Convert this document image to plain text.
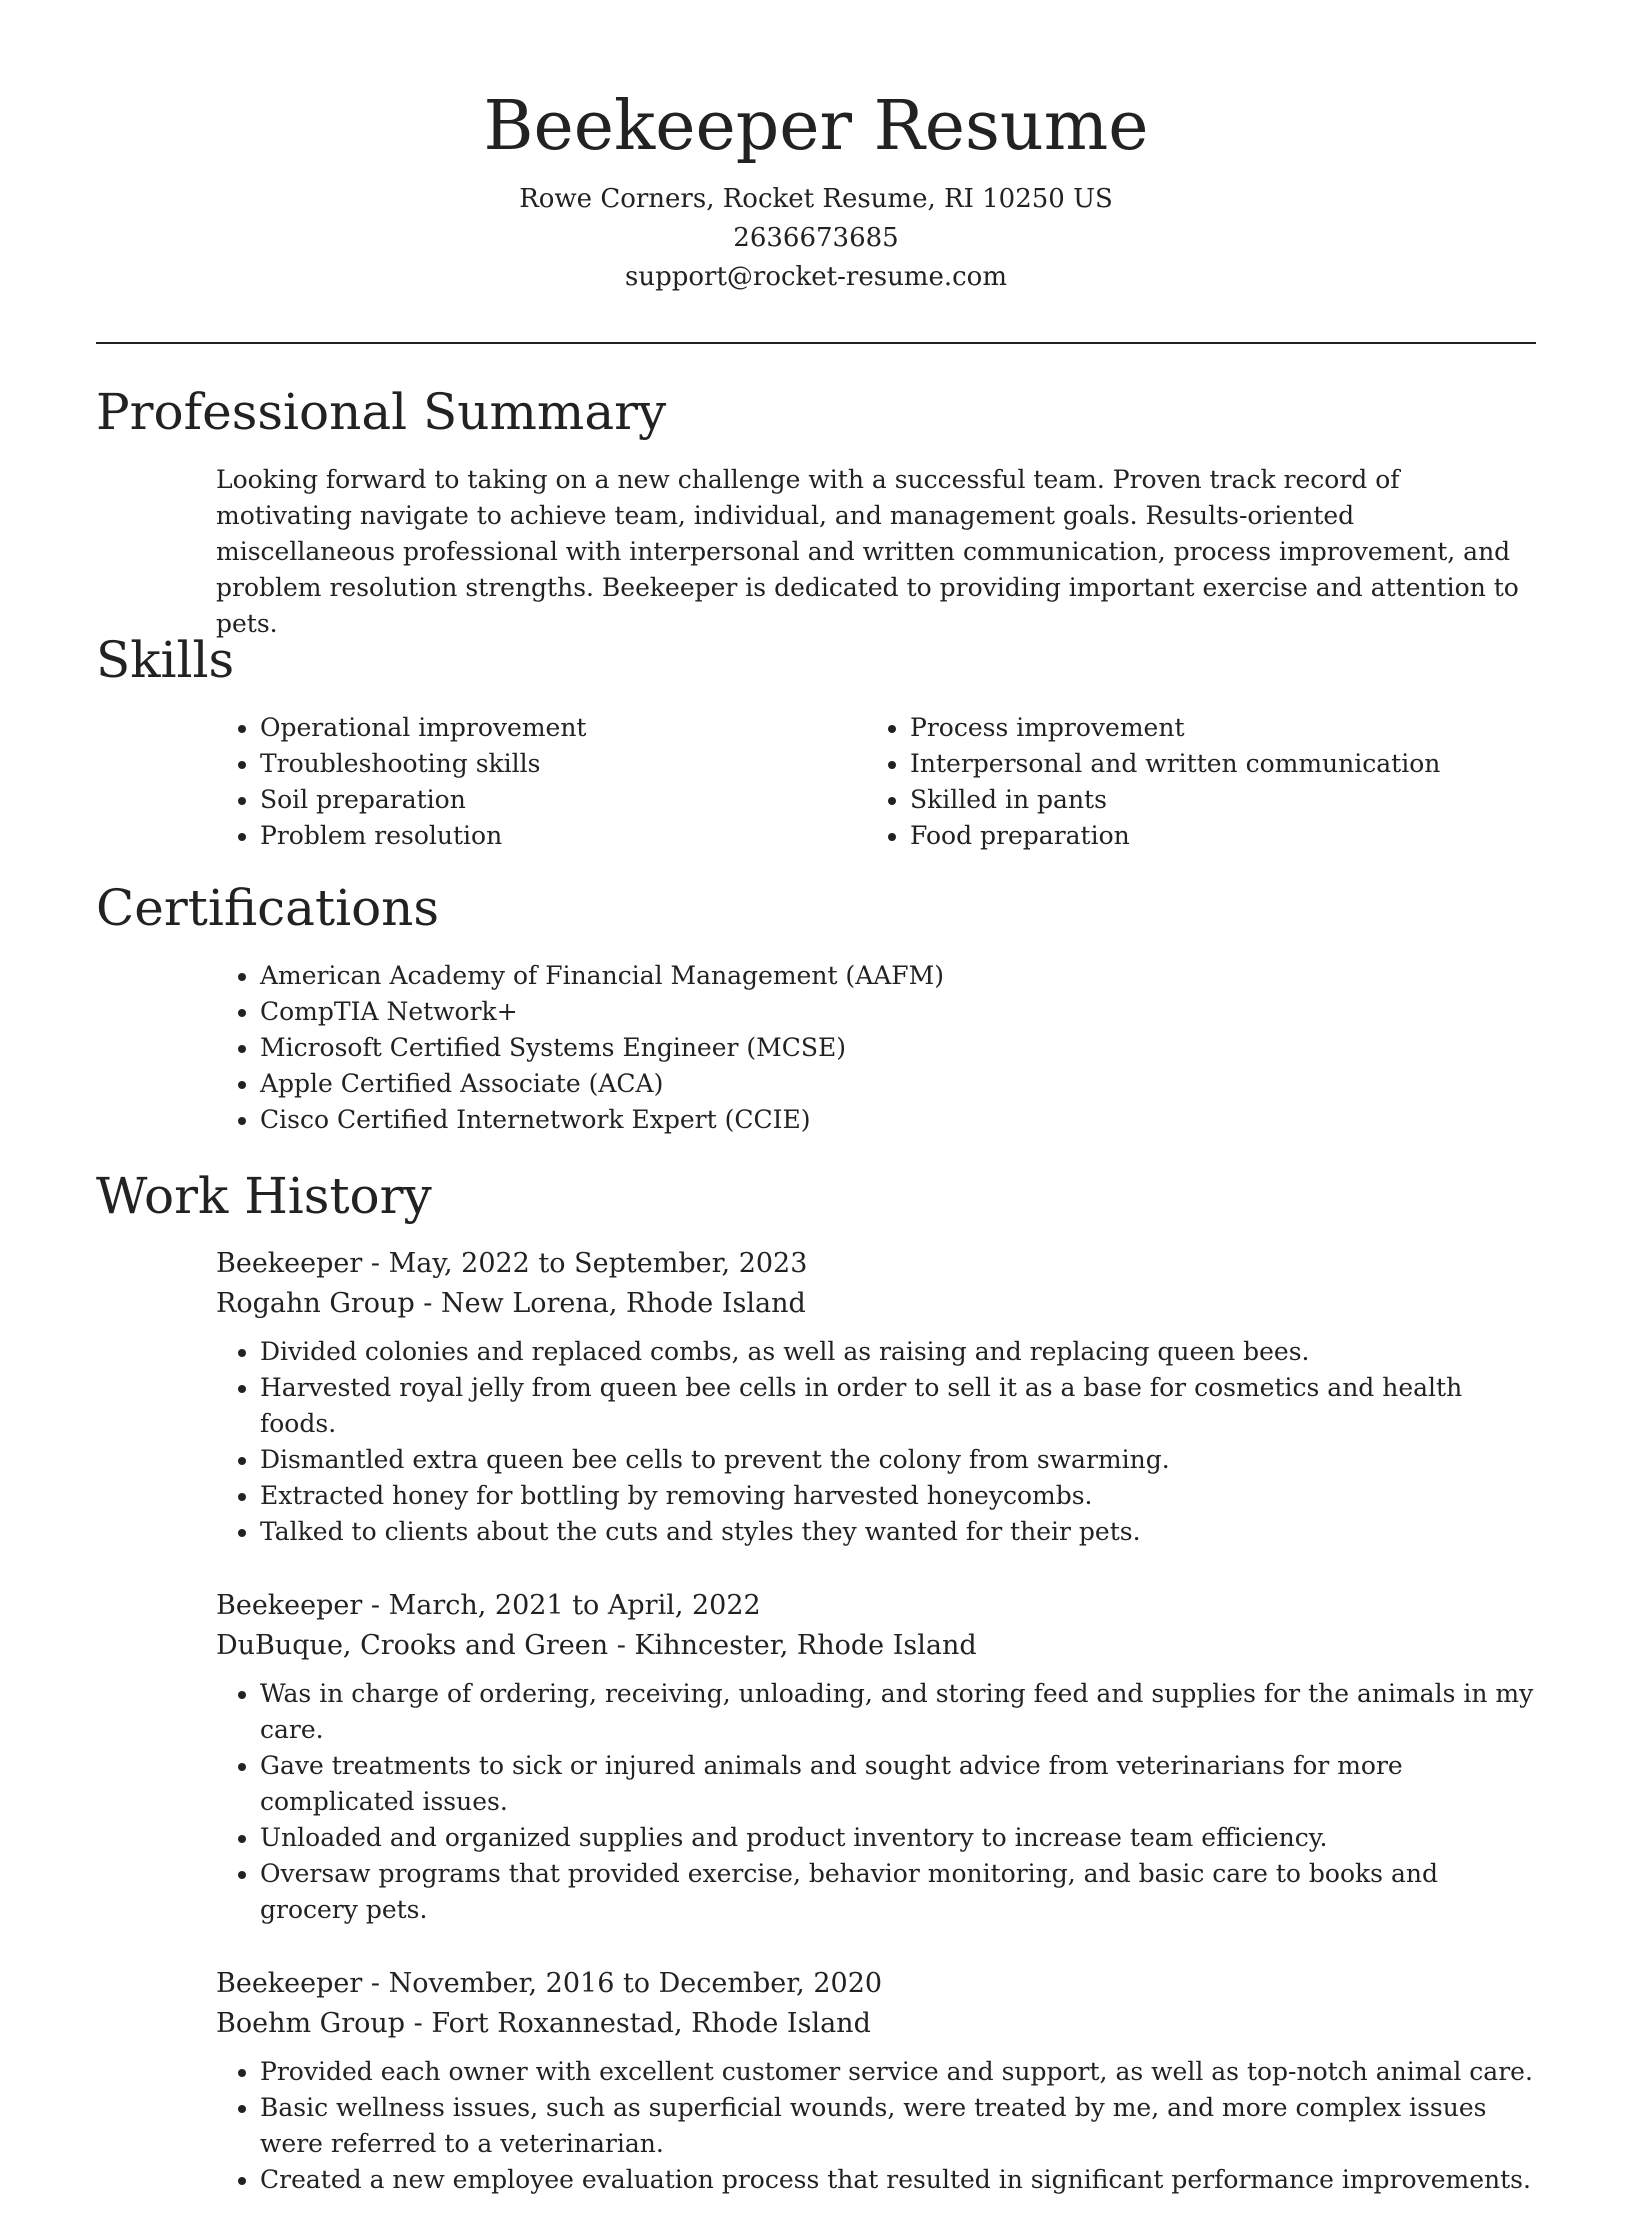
Beekeeper Resume
Rowe Corners, Rocket Resume, RI 10250 US
2636673685
support@rocket-resume.com
Professional Summary

Looking forward to taking on a new challenge with a successful team. Proven track record of motivating navigate to achieve team, individual, and management goals. Results-oriented miscellaneous professional with interpersonal and written communication, process improvement, and problem resolution strengths. Beekeeper is dedicated to providing important exercise and attention to pets.

Skills
• Operational improvement
• Troubleshooting skills
• Soil preparation
• Problem resolution
• Process improvement
• Interpersonal and written communication
• Skilled in pants
• Food preparation
Certifications
• American Academy of Financial Management (AAFM)
• CompTIA Network+
• Microsoft Certified Systems Engineer (MCSE)
• Apple Certified Associate (ACA)
• Cisco Certified Internetwork Expert (CCIE)
Work History

Beekeeper - May, 2022 to September, 2023

Rogahn Group - New Lorena, Rhode Island

• Divided colonies and replaced combs, as well as raising and replacing queen bees.
• Harvested royal jelly from queen bee cells in order to sell it as a base for cosmetics and health foods.
• Dismantled extra queen bee cells to prevent the colony from swarming.
• Extracted honey for bottling by removing harvested honeycombs.
• Talked to clients about the cuts and styles they wanted for their pets.

Beekeeper - March, 2021 to April, 2022

DuBuque, Crooks and Green - Kihncester, Rhode Island

• Was in charge of ordering, receiving, unloading, and storing feed and supplies for the animals in my care.
• Gave treatments to sick or injured animals and sought advice from veterinarians for more complicated issues.
• Unloaded and organized supplies and product inventory to increase team efficiency.
• Oversaw programs that provided exercise, behavior monitoring, and basic care to books and grocery pets.

Beekeeper - November, 2016 to December, 2020

Boehm Group - Fort Roxannestad, Rhode Island

• Provided each owner with excellent customer service and support, as well as top-notch animal care.
• Basic wellness issues, such as superficial wounds, were treated by me, and more complex issues were referred to a veterinarian.
• Created a new employee evaluation process that resulted in significant performance improvements.
